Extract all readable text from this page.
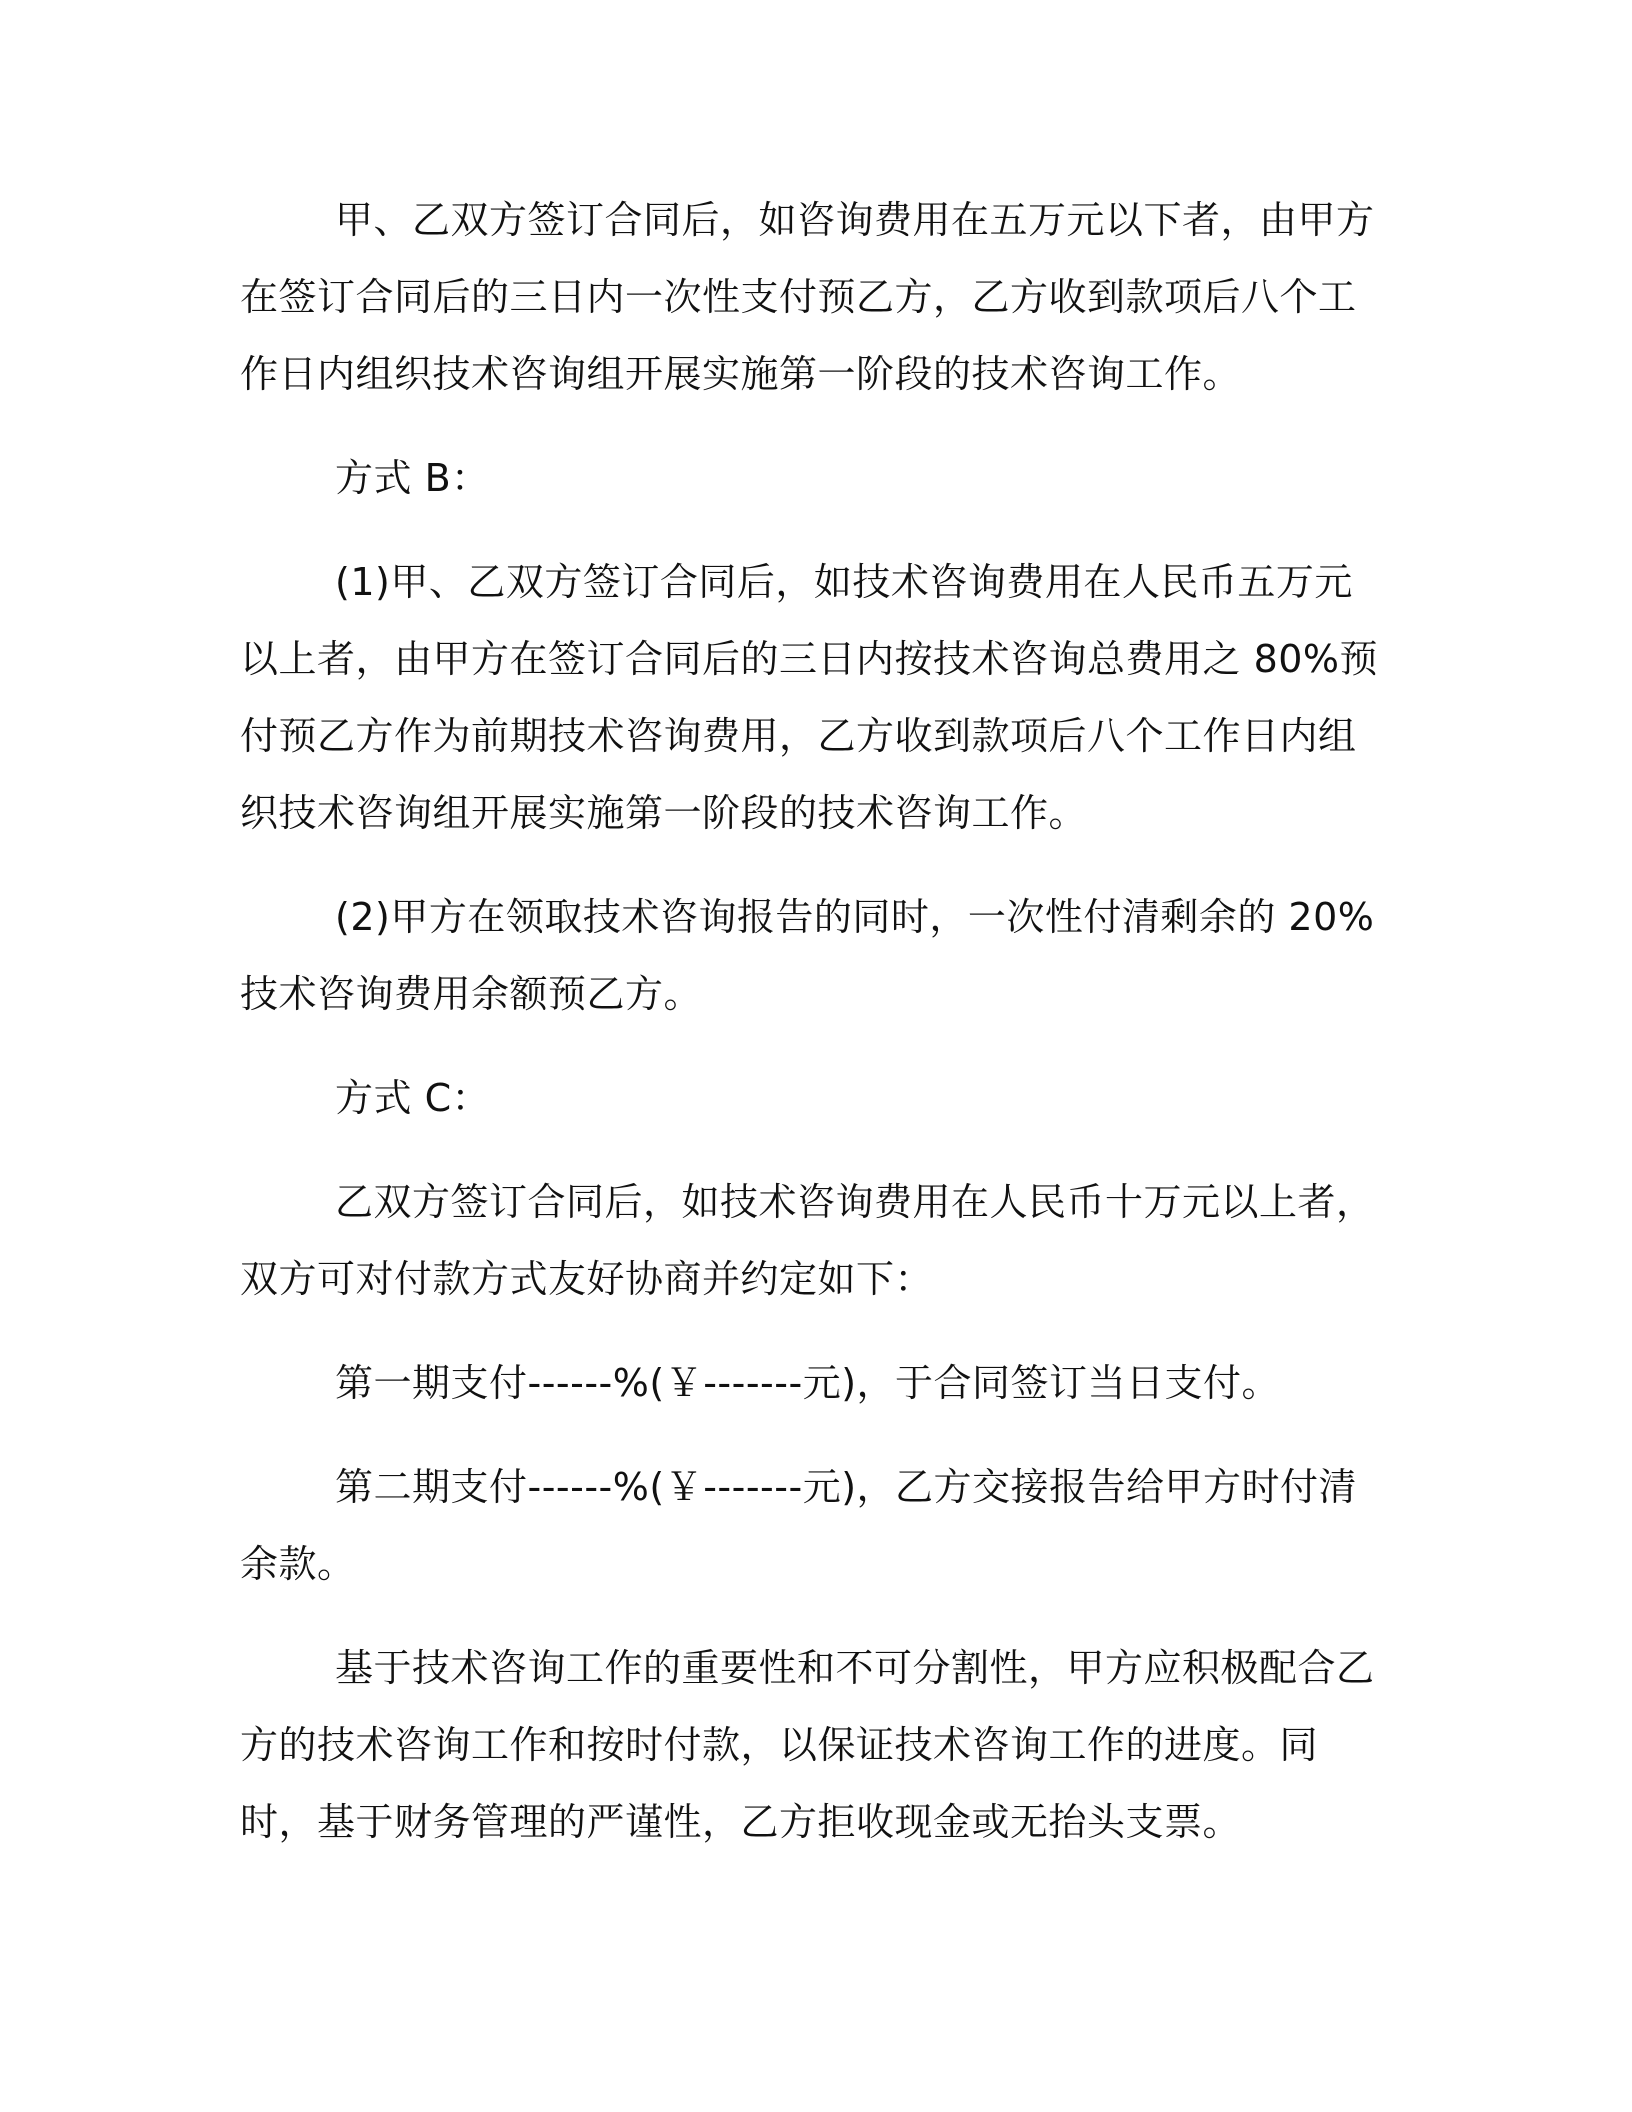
甲、乙双方签订合同后，如咨询费用在五万元以下者，由甲方在签订合同后的三日内一次性支付预乙方，乙方收到款项后八个工作日内组织技术咨询组开展实施第一阶段的技术咨询工作。

方式 B：

(1)甲、乙双方签订合同后，如技术咨询费用在人民币五万元以上者，由甲方在签订合同后的三日内按技术咨询总费用之 80%预付预乙方作为前期技术咨询费用，乙方收到款项后八个工作日内组织技术咨询组开展实施第一阶段的技术咨询工作。

(2)甲方在领取技术咨询报告的同时，一次性付清剩余的 20%技术咨询费用余额预乙方。

方式 C：

乙双方签订合同后，如技术咨询费用在人民币十万元以上者，双方可对付款方式友好协商并约定如下：

第一期支付------%(￥-------元)，于合同签订当日支付。

第二期支付------%(￥-------元)，乙方交接报告给甲方时付清余款。

基于技术咨询工作的重要性和不可分割性，甲方应积极配合乙方的技术咨询工作和按时付款，以保证技术咨询工作的进度。同时，基于财务管理的严谨性，乙方拒收现金或无抬头支票。
